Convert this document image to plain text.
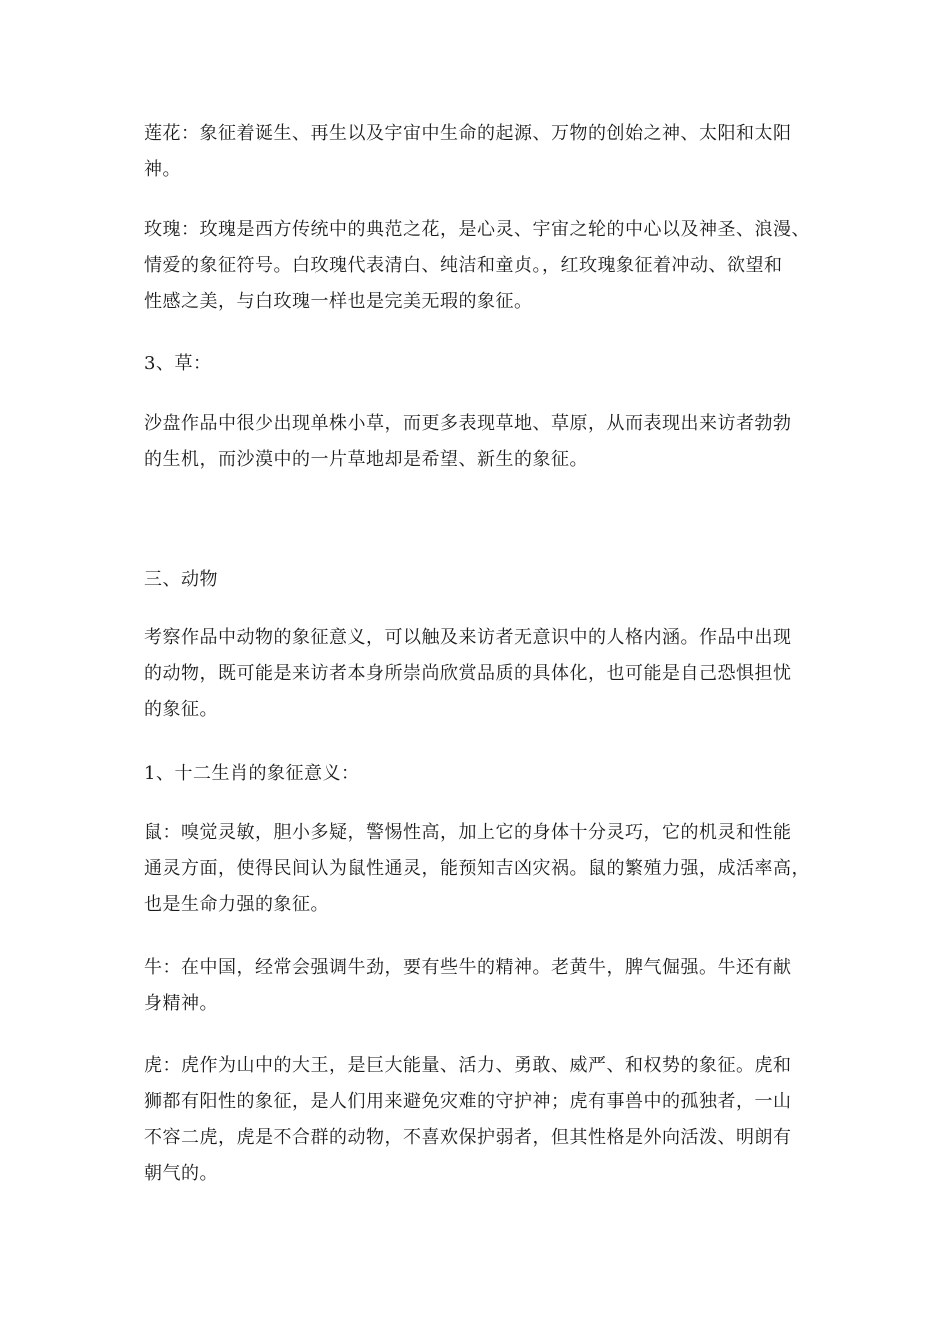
莲花：象征着诞生、再生以及宇宙中生命的起源、万物的创始之神、太阳和太阳
神。

玫瑰：玫瑰是西方传统中的典范之花，是心灵、宇宙之轮的中心以及神圣、浪漫、
情爱的象征符号。白玫瑰代表清白、纯洁和童贞。，红玫瑰象征着冲动、欲望和
性感之美，与白玫瑰一样也是完美无瑕的象征。

3、草：

沙盘作品中很少出现单株小草，而更多表现草地、草原，从而表现出来访者勃勃
的生机，而沙漠中的一片草地却是希望、新生的象征。

三、动物

考察作品中动物的象征意义，可以触及来访者无意识中的人格内涵。作品中出现
的动物，既可能是来访者本身所崇尚欣赏品质的具体化，也可能是自己恐惧担忧
的象征。

1、十二生肖的象征意义：

鼠：嗅觉灵敏，胆小多疑，警惕性高，加上它的身体十分灵巧，它的机灵和性能
通灵方面，使得民间认为鼠性通灵，能预知吉凶灾祸。鼠的繁殖力强，成活率高，
也是生命力强的象征。

牛：在中国，经常会强调牛劲，要有些牛的精神。老黄牛，脾气倔强。牛还有献
身精神。

虎：虎作为山中的大王，是巨大能量、活力、勇敢、威严、和权势的象征。虎和
狮都有阳性的象征，是人们用来避免灾难的守护神；虎有事兽中的孤独者，一山
不容二虎，虎是不合群的动物，不喜欢保护弱者，但其性格是外向活泼、明朗有
朝气的。
